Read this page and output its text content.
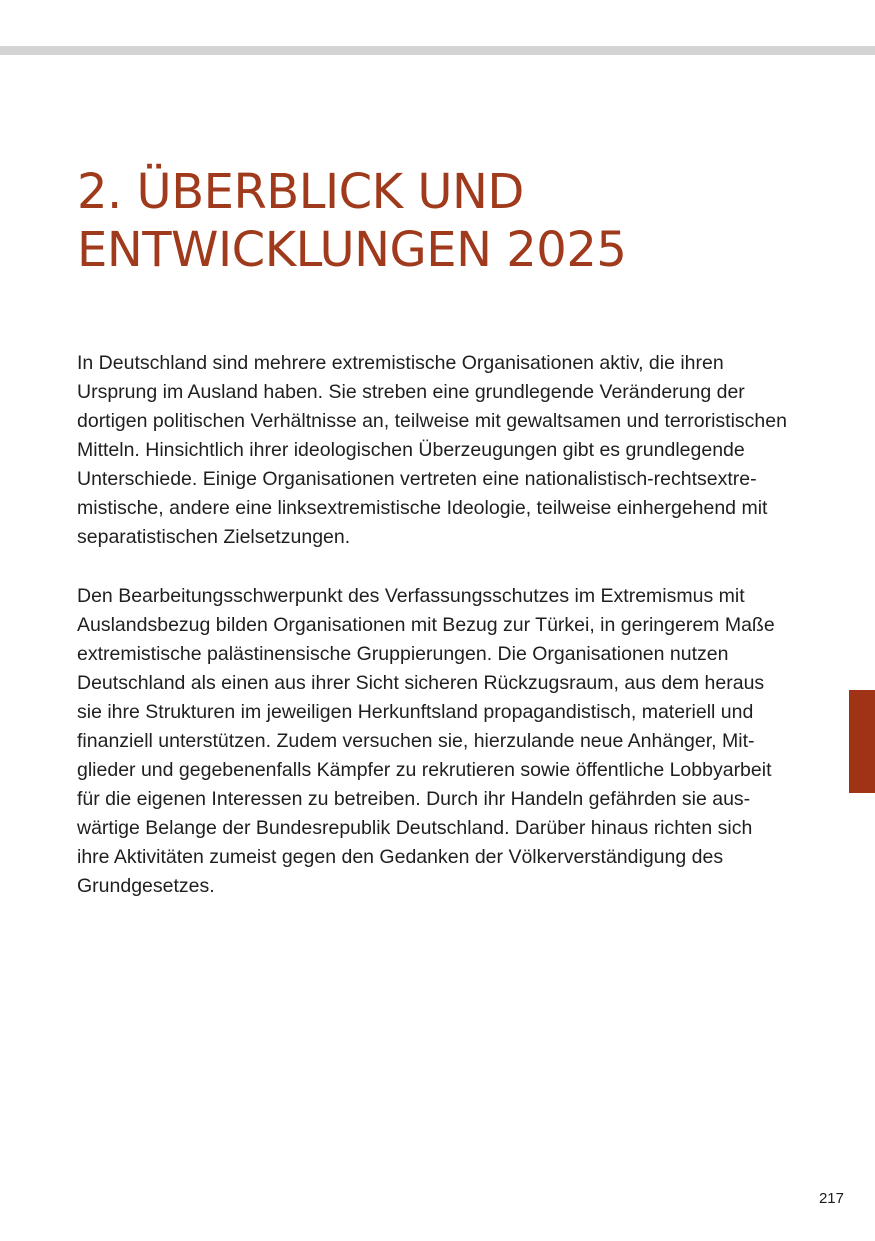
2. ÜBERBLICK UND
ENTWICKLUNGEN 2025

In Deutschland sind mehrere extremistische Organisationen aktiv, die ihren
Ursprung im Ausland haben. Sie streben eine grundlegende Veränderung der
dortigen politischen Verhältnisse an, teilweise mit gewaltsamen und terroristischen
Mitteln. Hinsichtlich ihrer ideologischen Überzeugungen gibt es grundlegende
Unterschiede. Einige Organisationen vertreten eine nationalistisch-rechtsextre-
mistische, andere eine linksextremistische Ideologie, teilweise einhergehend mit
separatistischen Zielsetzungen.

Den Bearbeitungsschwerpunkt des Verfassungsschutzes im Extremismus mit
Auslandsbezug bilden Organisationen mit Bezug zur Türkei, in geringerem Maße
extremistische palästinensische Gruppierungen. Die Organisationen nutzen
Deutschland als einen aus ihrer Sicht sicheren Rückzugsraum, aus dem heraus
sie ihre Strukturen im jeweiligen Herkunftsland propagandistisch, materiell und
finanziell unterstützen. Zudem versuchen sie, hierzulande neue Anhänger, Mit-
glieder und gegebenenfalls Kämpfer zu rekrutieren sowie öffentliche Lobbyarbeit
für die eigenen Interessen zu betreiben. Durch ihr Handeln gefährden sie aus-
wärtige Belange der Bundesrepublik Deutschland. Darüber hinaus richten sich
ihre Aktivitäten zumeist gegen den Gedanken der Völkerverständigung des
Grundgesetzes.

217
